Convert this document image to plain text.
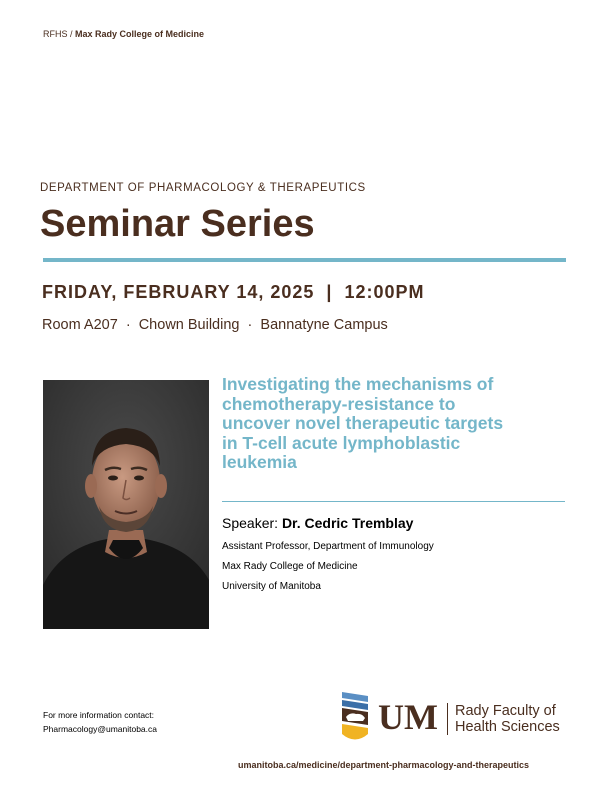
RFHS / Max Rady College of Medicine
DEPARTMENT OF PHARMACOLOGY & THERAPEUTICS
Seminar Series
FRIDAY, FEBRUARY 14, 2025  |  12:00PM
Room A207  ·  Chown Building  ·  Bannatyne Campus
Investigating the mechanisms of
chemotherapy-resistance to
uncover novel therapeutic targets
in T-cell acute lymphoblastic
leukemia
Speaker: Dr. Cedric Tremblay
Assistant Professor, Department of Immunology
Max Rady College of Medicine
University of Manitoba
For more information contact:
Pharmacology@umanitoba.ca	UM Rady Faculty of
Health Sciences
umanitoba.ca/medicine/department-pharmacology-and-therapeutics
